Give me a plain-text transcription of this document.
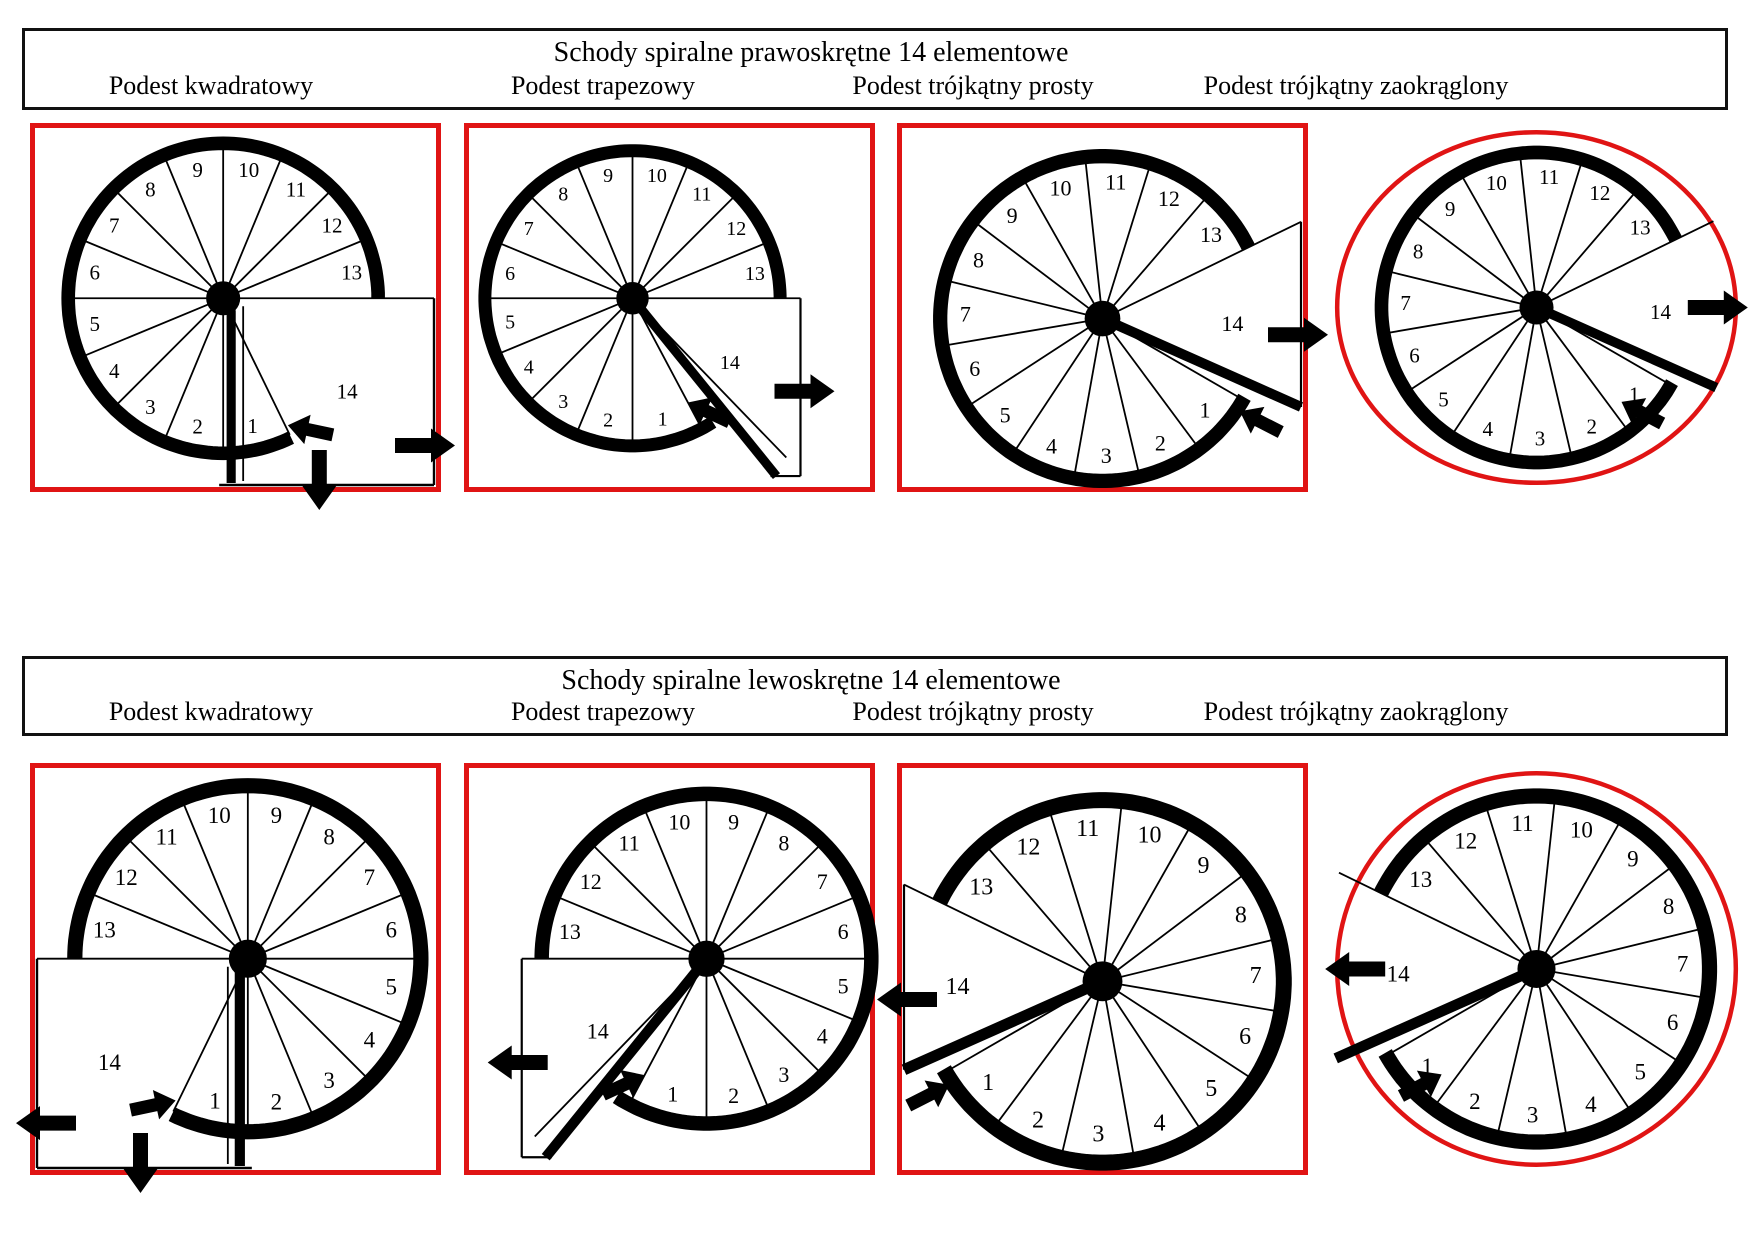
Schody spiralne prawoskrętne 14 elementowe
Podest kwadratowy	Podest trapezowy	Podest trójkątny prosty	Podest trójkątny zaokrąglony
Schody spiralne lewoskrętne 14 elementowe
Podest kwadratowy	Podest trapezowy	Podest trójkątny prosty	Podest trójkątny zaokrąglony
1
2
3
4
5
6
7
8
9 10
11
12
13
14
1
2
3
4
5
6
7
8
9 10
11
12
13
14
1
2
3
4
5
6
7
8
9
10 11
12
13
14
1
2
3
4
5
6
7
8
9
10 11
12
13
14
1 2
3
4
5
6
7
8
9
10
11
12
13
14
1 2
3
4
5
6
7
8
9
10
11
12
13
14
1
2
3 4
5
6
7
8
9
10
11
12
13
14
1
2
3 4
5
6
7
8
9
10
11
12
13
14
